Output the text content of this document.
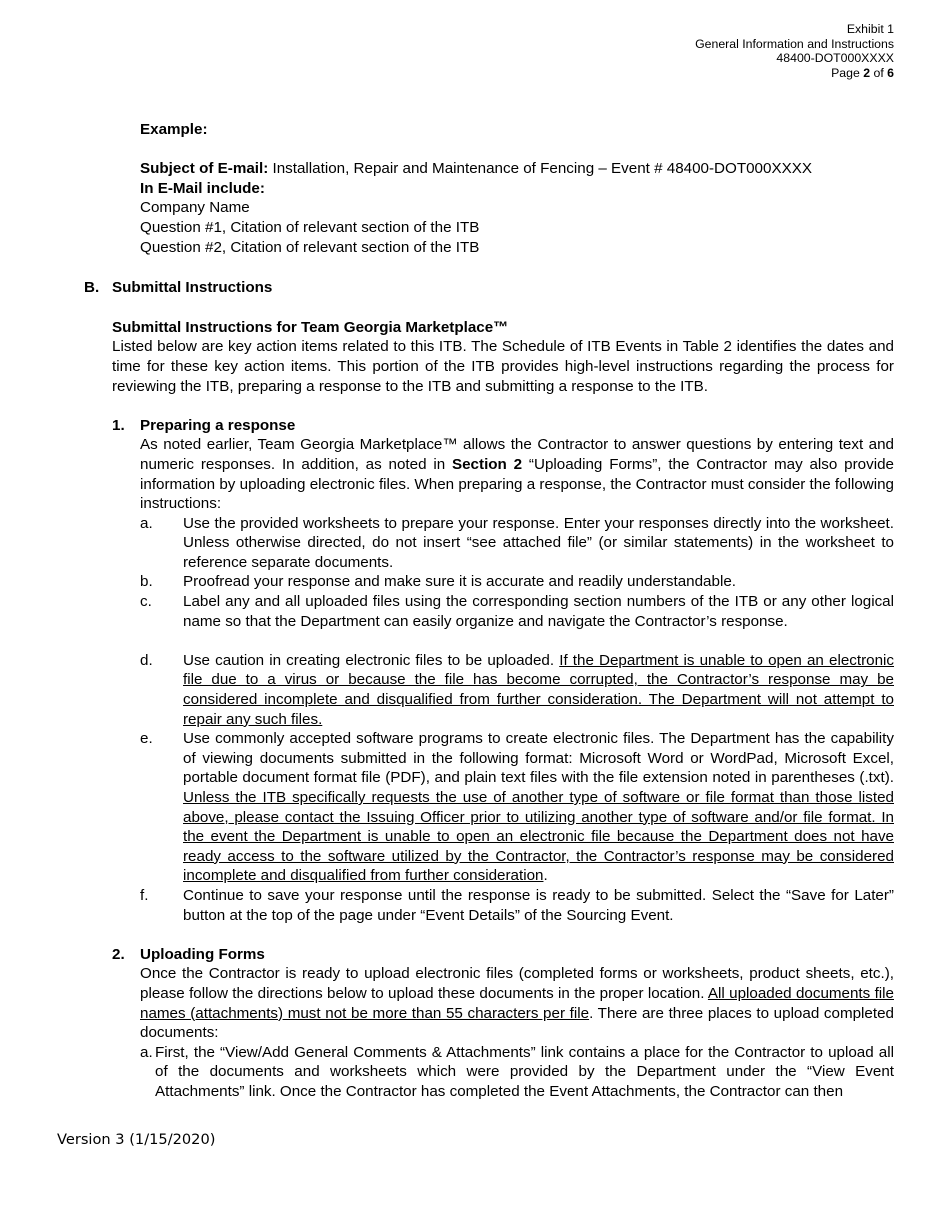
Exhibit 1
General Information and Instructions
48400-DOT000XXXX
Page 2 of 6

Example:

Subject of E-mail: Installation, Repair and Maintenance of Fencing – Event # 48400-DOT000XXXX

In E-Mail include:

Company Name

Question #1, Citation of relevant section of the ITB

Question #2, Citation of relevant section of the ITB

B. Submittal Instructions

Submittal Instructions for Team Georgia Marketplace™

Listed below are key action items related to this ITB. The Schedule of ITB Events in Table 2 identifies the dates and time for these key action items. This portion of the ITB provides high-level instructions regarding the process for reviewing the ITB, preparing a response to the ITB and submitting a response to the ITB.

1.	Preparing a response

As noted earlier, Team Georgia Marketplace™ allows the Contractor to answer questions by entering text and numeric responses. In addition, as noted in Section 2 “Uploading Forms”, the Contractor may also provide information by uploading electronic files. When preparing a response, the Contractor must consider the following instructions:

a.	Use the provided worksheets to prepare your response. Enter your responses directly into the worksheet. Unless otherwise directed, do not insert “see attached file” (or similar statements) in the worksheet to reference separate documents.
b.	Proofread your response and make sure it is accurate and readily understandable.
c.	Label any and all uploaded files using the corresponding section numbers of the ITB or any other logical name so that the Department can easily organize and navigate the Contractor’s response.
d.	Use caution in creating electronic files to be uploaded. If the Department is unable to open an electronic file due to a virus or because the file has become corrupted, the Contractor’s response may be considered incomplete and disqualified from further consideration. The Department will not attempt to repair any such files.
e.	Use commonly accepted software programs to create electronic files. The Department has the capability of viewing documents submitted in the following format: Microsoft Word or WordPad, Microsoft Excel, portable document format file (PDF), and plain text files with the file extension noted in parentheses (.txt). Unless the ITB specifically requests the use of another type of software or file format than those listed above, please contact the Issuing Officer prior to utilizing another type of software and/or file format. In the event the Department is unable to open an electronic file because the Department does not have ready access to the software utilized by the Contractor, the Contractor’s response may be considered incomplete and disqualified from further consideration.
f.	Continue to save your response until the response is ready to be submitted. Select the “Save for Later” button at the top of the page under “Event Details” of the Sourcing Event.
2.	Uploading Forms

Once the Contractor is ready to upload electronic files (completed forms or worksheets, product sheets, etc.), please follow the directions below to upload these documents in the proper location. All uploaded documents file names (attachments) must not be more than 55 characters per file. There are three places to upload completed documents:

a. First, the “View/Add General Comments & Attachments” link contains a place for the Contractor to upload all of the documents and worksheets which were provided by the Department under the “View Event Attachments” link. Once the Contractor has completed the Event Attachments, the Contractor can then
Version 3 (1/15/2020)
